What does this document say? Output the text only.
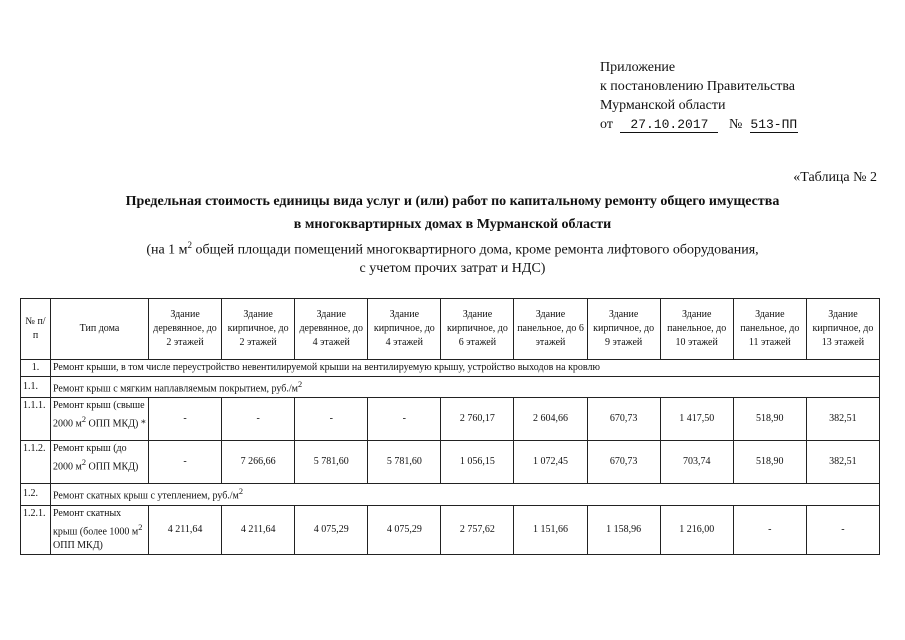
Приложение
к постановлению Правительства
Мурманской области
от 27.10.2017 № 513-ПП
«Таблица № 2
Предельная стоимость единицы вида услуг и (или) работ по капитальному ремонту общего имущества
в многоквартирных домах в Мурманской области
(на 1 $м^2$ общей площади помещений многоквартирного дома, кроме ремонта лифтового оборудования,
с учетом прочих затрат и НДС)
№ п/п	Тип дома	Здание деревянное, до 2 этажей	Здание кирпичное, до 2 этажей	Здание деревянное, до 4 этажей	Здание кирпичное, до 4 этажей	Здание кирпичное, до 6 этажей	Здание панельное, до 6 этажей	Здание кирпичное, до 9 этажей	Здание панельное, до 10 этажей	Здание панельное, до 11 этажей	Здание кирпичное, до 13 этажей
1.	Ремонт крыши, в том числе переустройство невентилируемой крыши на вентилируемую крышу, устройство выходов на кровлю										
1.1.	Ремонт крыш с мягким наплавляемым покрытием, $руб./м^2$
1.1.1.	Ремонт крыш (свыше 2000 $м^2$ ОПП МКД) *	-	-	-	-	2 760,17	2 604,66	670,73	1 417,50	518,90	382,51
1.1.2.	Ремонт крыш (до 2000 $м^2$ ОПП МКД)	-	7 266,66	5 781,60	5 781,60	1 056,15	1 072,45	670,73	703,74	518,90	382,51
1.2.	Ремонт скатных крыш с утеплением, $руб./м^2$
1.2.1.	Ремонт скатных крыш (более 1000 $м^2$ ОПП МКД)	4 211,64	4 211,64	4 075,29	4 075,29	2 757,62	1 151,66	1 158,96	1 216,00	-	-
